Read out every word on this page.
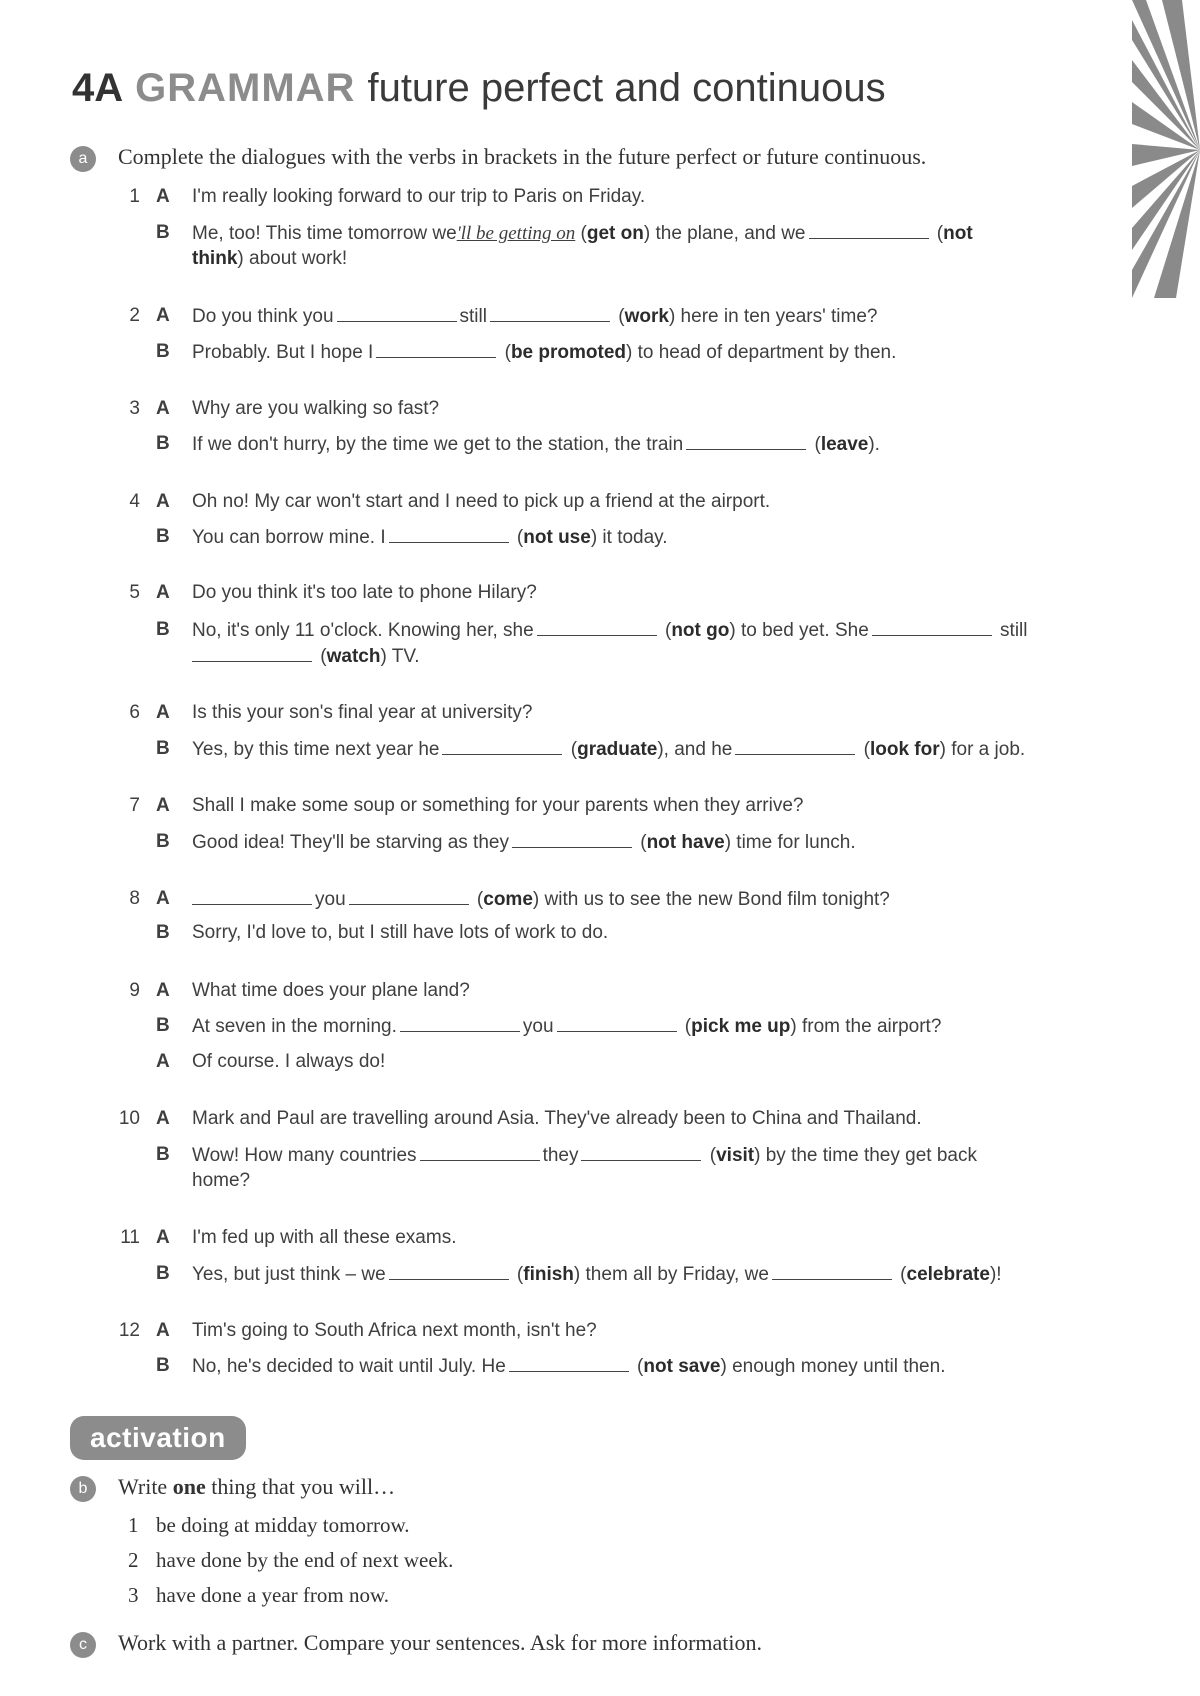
4A GRAMMAR future perfect and continuous
a	Complete the dialogues with the verbs in brackets in the future perfect or future continuous.
1 A I'm really looking forward to our trip to Paris on Friday.
B Me, too! This time tomorrow we'll be getting on (get on) the plane, and we	(not
think) about work!
2 A Do you think you	still	(work) here in ten years' time?
B Probably. But I hope I	(be promoted) to head of department by then.
3 A Why are you walking so fast?
B If we don't hurry, by the time we get to the station, the train	(leave).
4 A Oh no! My car won't start and I need to pick up a friend at the airport.
B You can borrow mine. I	(not use) it today.
5 A Do you think it's too late to phone Hilary?
B No, it's only 11 o'clock. Knowing her, she	(not go) to bed yet. She	still
(watch) TV.
6 A Is this your son's final year at university?
B Yes, by this time next year he	(graduate), and he	(look for) for a job.
7 A Shall I make some soup or something for your parents when they arrive?
B Good idea! They'll be starving as they	(not have) time for lunch.
8 A	you	(come) with us to see the new Bond film tonight?
B Sorry, I'd love to, but I still have lots of work to do.
9 A What time does your plane land?
B At seven in the morning.	you	(pick me up) from the airport?
A Of course. I always do!
10 A Mark and Paul are travelling around Asia. They've already been to China and Thailand.
B Wow! How many countries	they	(visit) by the time they get back
home?
11 A I'm fed up with all these exams.
B Yes, but just think – we	(finish) them all by Friday, we	(celebrate)!
12 A Tim's going to South Africa next month, isn't he?
B No, he's decided to wait until July. He	(not save) enough money until then.
activation
b	Write one thing that you will…
1 be doing at midday tomorrow.
2 have done by the end of next week.
3 have done a year from now.
c	Work with a partner. Compare your sentences. Ask for more information.
